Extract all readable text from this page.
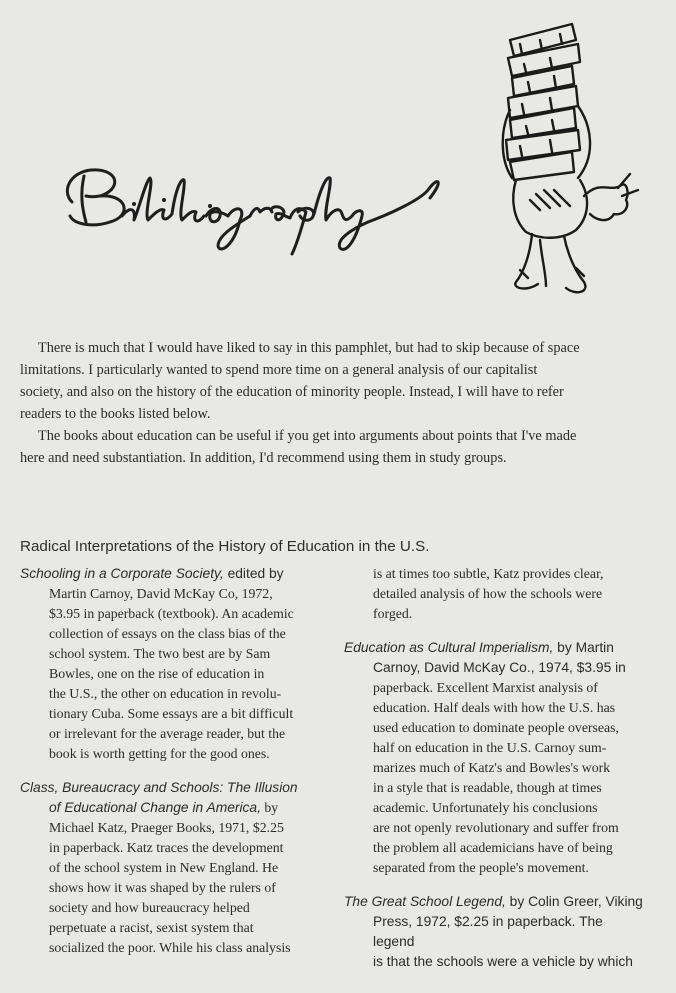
There is much that I would have liked to say in this pamphlet, but had to skip because of space
limitations. I particularly wanted to spend more time on a general analysis of our capitalist
society, and also on the history of the education of minority people. Instead, I will have to refer
readers to the books listed below.

The books about education can be useful if you get into arguments about points that I've made
here and need substantiation. In addition, I'd recommend using them in study groups.

Radical Interpretations of the History of Education in the U.S.
Schooling in a Corporate Society, edited by
Martin Carnoy, David McKay Co, 1972,
$3.95 in paperback (textbook). An academic
collection of essays on the class bias of the
school system. The two best are by Sam
Bowles, one on the rise of education in
the U.S., the other on education in revolu-
tionary Cuba. Some essays are a bit difficult
or irrelevant for the average reader, but the
book is worth getting for the good ones.
Class, Bureaucracy and Schools: The Illusion
of Educational Change in America, by
Michael Katz, Praeger Books, 1971, $2.25
in paperback. Katz traces the development
of the school system in New England. He
shows how it was shaped by the rulers of
society and how bureaucracy helped
perpetuate a racist, sexist system that
socialized the poor. While his class analysis
is at times too subtle, Katz provides clear,
detailed analysis of how the schools were
forged.
Education as Cultural Imperialism, by Martin
Carnoy, David McKay Co., 1974, $3.95 in
paperback. Excellent Marxist analysis of
education. Half deals with how the U.S. has
used education to dominate people overseas,
half on education in the U.S. Carnoy sum-
marizes much of Katz's and Bowles's work
in a style that is readable, though at times
academic. Unfortunately his conclusions
are not openly revolutionary and suffer from
the problem all academicians have of being
separated from the people's movement.
The Great School Legend, by Colin Greer, Viking
Press, 1972, $2.25 in paperback. The legend
is that the schools were a vehicle by which
